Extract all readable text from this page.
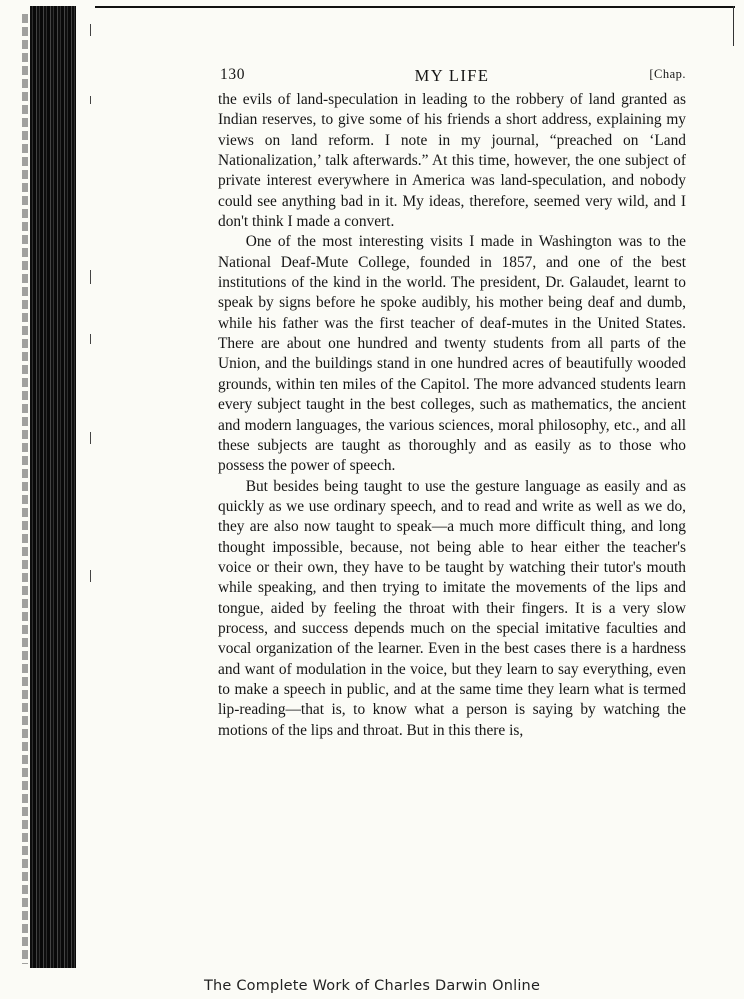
130	MY LIFE	[Chap.

the evils of land-speculation in leading to the robbery of land granted as Indian reserves, to give some of his friends a short address, explaining my views on land reform. I note in my journal, “preached on ‘Land Nationalization,’ talk afterwards.” At this time, however, the one subject of private interest everywhere in America was land-speculation, and nobody could see anything bad in it. My ideas, therefore, seemed very wild, and I don't think I made a convert.

One of the most interesting visits I made in Washington was to the National Deaf-Mute College, founded in 1857, and one of the best institutions of the kind in the world. The president, Dr. Galaudet, learnt to speak by signs before he spoke audibly, his mother being deaf and dumb, while his father was the first teacher of deaf-mutes in the United States. There are about one hundred and twenty students from all parts of the Union, and the buildings stand in one hundred acres of beautifully wooded grounds, within ten miles of the Capitol. The more advanced students learn every subject taught in the best colleges, such as mathematics, the ancient and modern languages, the various sciences, moral philosophy, etc., and all these subjects are taught as thoroughly and as easily as to those who possess the power of speech.

But besides being taught to use the gesture language as easily and as quickly as we use ordinary speech, and to read and write as well as we do, they are also now taught to speak—a much more difficult thing, and long thought impossible, because, not being able to hear either the teacher's voice or their own, they have to be taught by watching their tutor's mouth while speaking, and then trying to imitate the movements of the lips and tongue, aided by feeling the throat with their fingers. It is a very slow process, and success depends much on the special imitative faculties and vocal organization of the learner. Even in the best cases there is a hardness and want of modulation in the voice, but they learn to say everything, even to make a speech in public, and at the same time they learn what is termed lip-reading—that is, to know what a person is saying by watching the motions of the lips and throat. But in this there is,

The Complete Work of Charles Darwin Online
